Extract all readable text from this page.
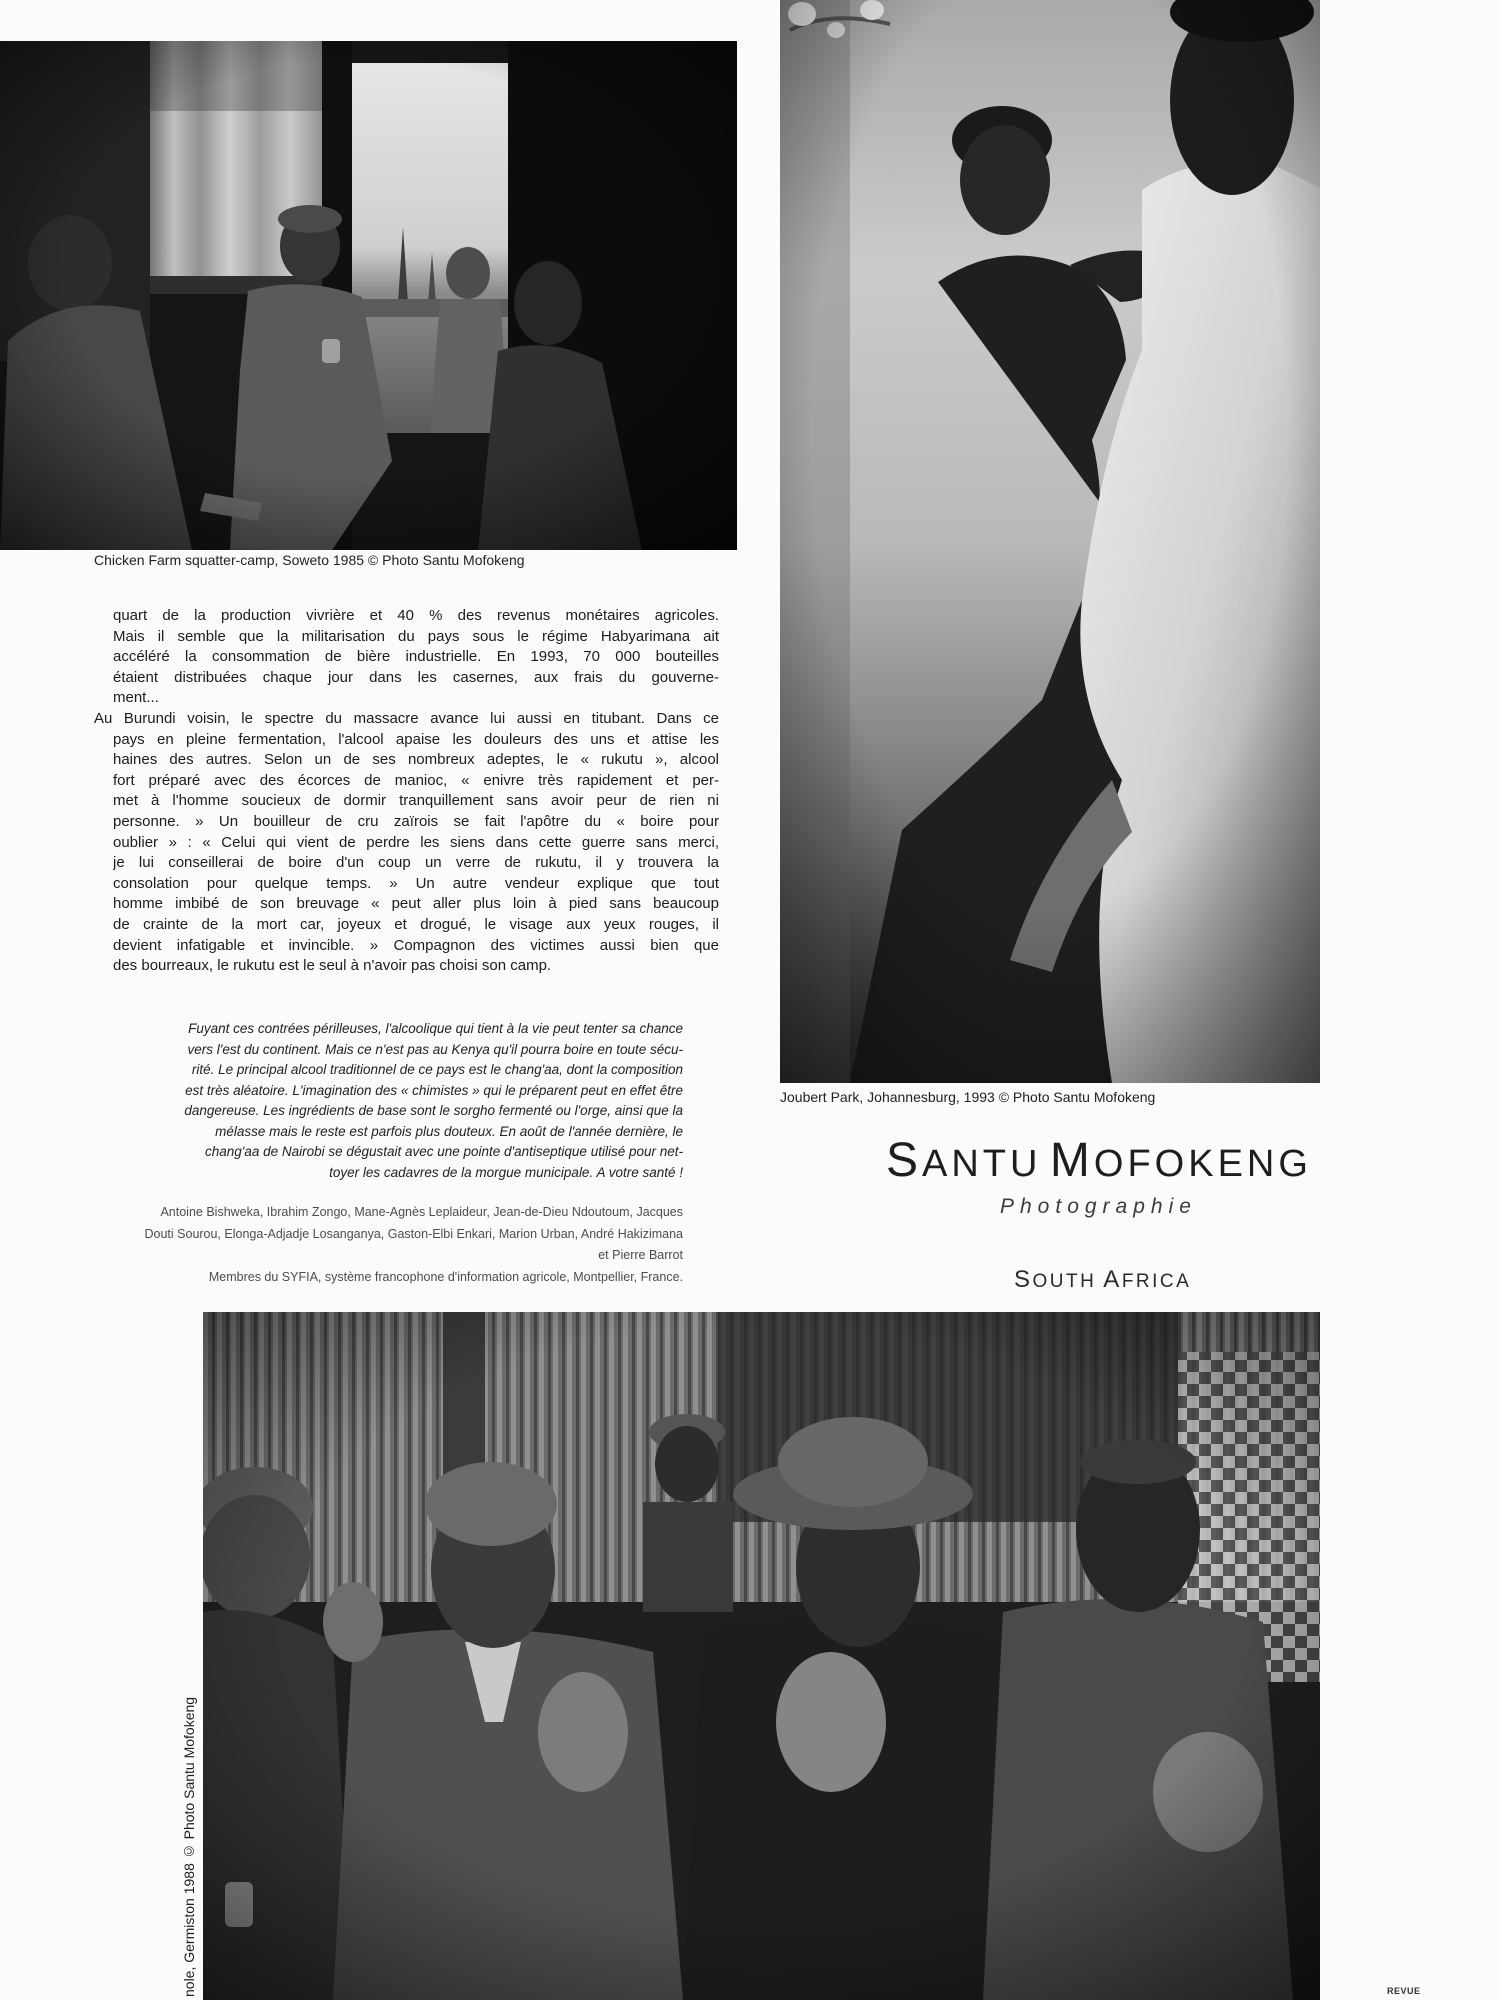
Chicken Farm squatter-camp, Soweto 1985 © Photo Santu Mofokeng
Joubert Park, Johannesburg, 1993 © Photo Santu Mofokeng
quart de la production vivrière et 40 % des revenus monétaires agricoles.
Mais il semble que la militarisation du pays sous le régime Habyarimana ait
accéléré la consommation de bière industrielle. En 1993, 70 000 bouteilles
étaient distribuées chaque jour dans les casernes, aux frais du gouverne-
ment...
Au Burundi voisin, le spectre du massacre avance lui aussi en titubant. Dans ce
pays en pleine fermentation, l'alcool apaise les douleurs des uns et attise les
haines des autres. Selon un de ses nombreux adeptes, le « rukutu », alcool
fort préparé avec des écorces de manioc, « enivre très rapidement et per-
met à l'homme soucieux de dormir tranquillement sans avoir peur de rien ni
personne. » Un bouilleur de cru zaïrois se fait l'apôtre du « boire pour
oublier » : « Celui qui vient de perdre les siens dans cette guerre sans merci,
je lui conseillerai de boire d'un coup un verre de rukutu, il y trouvera la
consolation pour quelque temps. » Un autre vendeur explique que tout
homme imbibé de son breuvage « peut aller plus loin à pied sans beaucoup
de crainte de la mort car, joyeux et drogué, le visage aux yeux rouges, il
devient infatigable et invincible. » Compagnon des victimes aussi bien que
des bourreaux, le rukutu est le seul à n'avoir pas choisi son camp.
Fuyant ces contrées périlleuses, l'alcoolique qui tient à la vie peut tenter sa chance
vers l'est du continent. Mais ce n'est pas au Kenya qu'il pourra boire en toute sécu-
rité. Le principal alcool traditionnel de ce pays est le chang'aa, dont la composition
est très aléatoire. L'imagination des « chimistes » qui le préparent peut en effet être
dangereuse. Les ingrédients de base sont le sorgho fermenté ou l'orge, ainsi que la
mélasse mais le reste est parfois plus douteux. En août de l'année dernière, le
chang'aa de Nairobi se dégustait avec une pointe d'antiseptique utilisé pour net-
toyer les cadavres de la morgue municipale. A votre santé !
Antoine Bishweka, Ibrahim Zongo, Mane-Agnès Leplaideur, Jean-de-Dieu Ndoutoum, Jacques
Douti Sourou, Elonga-Adjadje Losanganya, Gaston-Elbi Enkari, Marion Urban, André Hakizimana
et Pierre Barrot
Membres du SYFIA, système francophone d'information agricole, Montpellier, France.
SANTU MOFOKENG
Photographie
SOUTH AFRICA
nole, Germiston 1988 © Photo Santu Mofokeng	REVUE
